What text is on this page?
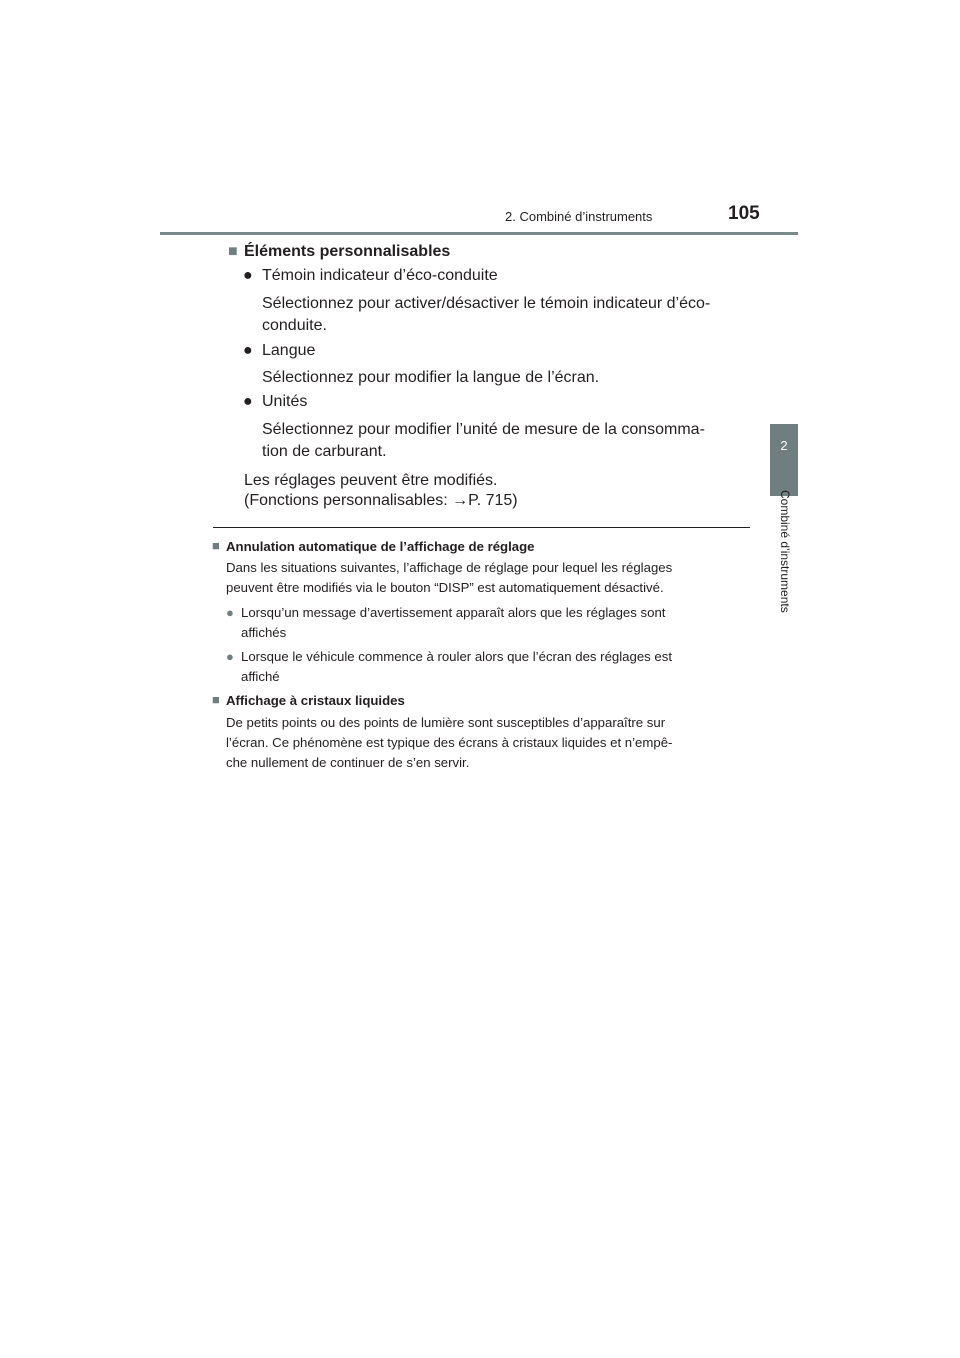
2. Combiné d’instruments	105
2
Combiné d’instruments
■ Éléments personnalisables
● Témoin indicateur d’éco-conduite
Sélectionnez pour activer/désactiver le témoin indicateur d’éco-
conduite.
● Langue
Sélectionnez pour modifier la langue de l’écran.
● Unités
Sélectionnez pour modifier l’unité de mesure de la consomma-
tion de carburant.
Les réglages peuvent être modifiés.
(Fonctions personnalisables: →P. 715)
■ Annulation automatique de l’affichage de réglage
Dans les situations suivantes, l’affichage de réglage pour lequel les réglages
peuvent être modifiés via le bouton “DISP” est automatiquement désactivé.
● Lorsqu’un message d’avertissement apparaît alors que les réglages sont
affichés
● Lorsque le véhicule commence à rouler alors que l’écran des réglages est
affiché
■ Affichage à cristaux liquides
De petits points ou des points de lumière sont susceptibles d’apparaître sur
l’écran. Ce phénomène est typique des écrans à cristaux liquides et n’empê-
che nullement de continuer de s’en servir.
